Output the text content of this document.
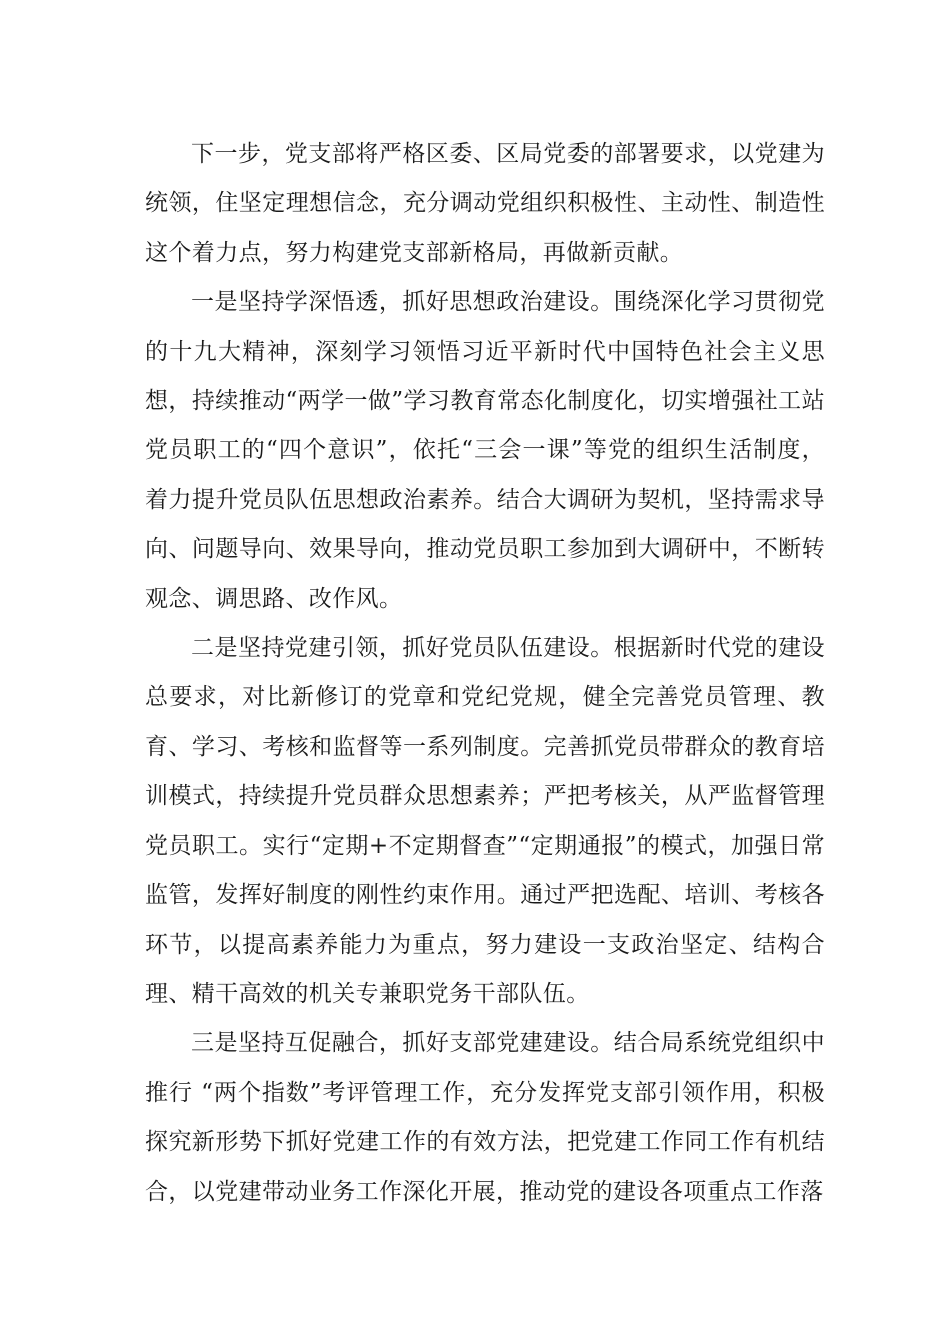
下一步，党支部将严格区委、区局党委的部署要求，以党建为统领，住坚定理想信念，充分调动党组织积极性、主动性、制造性这个着力点，努力构建党支部新格局，再做新贡献。

一是坚持学深悟透，抓好思想政治建设。围绕深化学习贯彻党的十九大精神，深刻学习领悟习近平新时代中国特色社会主义思想，持续推动“两学一做”学习教育常态化制度化，切实增强社工站党员职工的“四个意识”，依托“三会一课”等党的组织生活制度，着力提升党员队伍思想政治素养。结合大调研为契机，坚持需求导向、问题导向、效果导向，推动党员职工参加到大调研中，不断转观念、调思路、改作风。

二是坚持党建引领，抓好党员队伍建设。根据新时代党的建设总要求，对比新修订的党章和党纪党规，健全完善党员管理、教育、学习、考核和监督等一系列制度。完善抓党员带群众的教育培训模式，持续提升党员群众思想素养；严把考核关，从严监督管理党员职工。实行“定期+不定期督查”“定期通报”的模式，加强日常监管，发挥好制度的刚性约束作用。通过严把选配、培训、考核各环节，以提高素养能力为重点，努力建设一支政治坚定、结构合理、精干高效的机关专兼职党务干部队伍。

三是坚持互促融合，抓好支部党建建设。结合局系统党组织中推行 “两个指数”考评管理工作，充分发挥党支部引领作用，积极探究新形势下抓好党建工作的有效方法，把党建工作同工作有机结合，以党建带动业务工作深化开展，推动党的建设各项重点工作落
